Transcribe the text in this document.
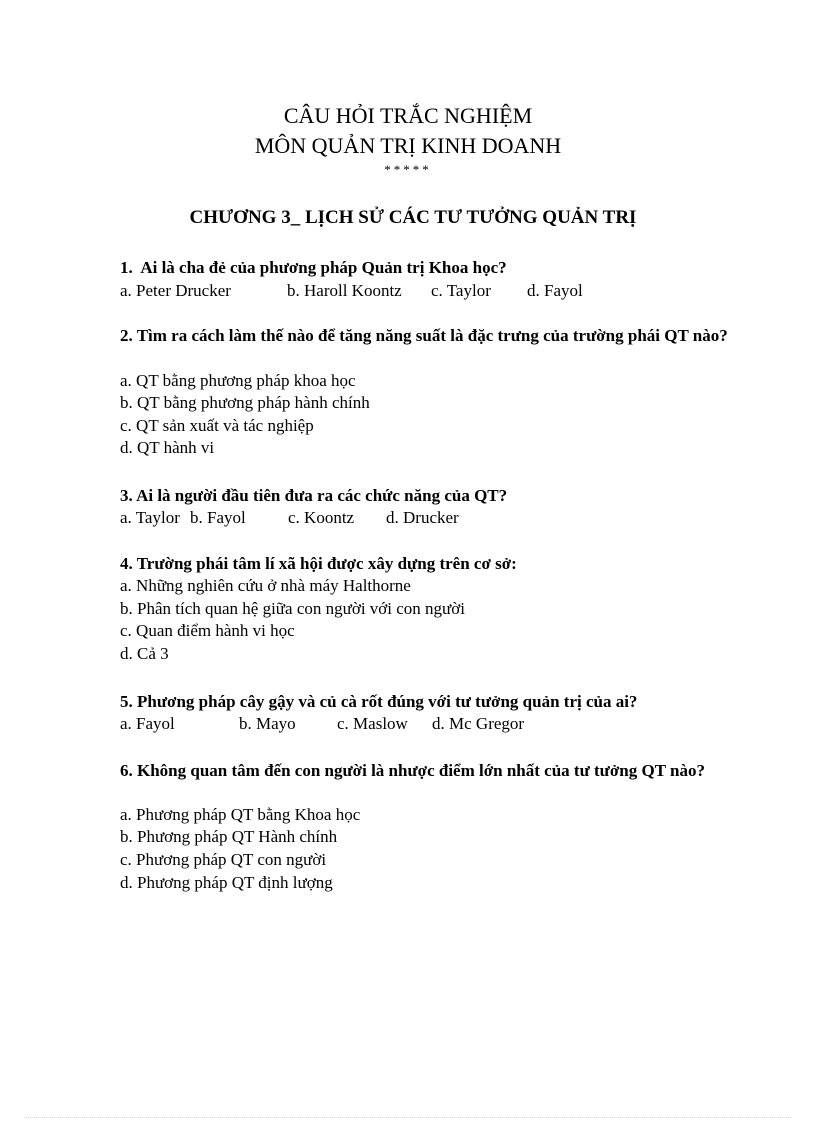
CÂU HỎI TRẮC NGHIỆM
MÔN QUẢN TRỊ KINH DOANH
*****
CHƯƠNG 3_ LỊCH SỬ CÁC TƯ TƯỞNG QUẢN TRỊ
1. Ai là cha đẻ của phương pháp Quản trị Khoa học?
a. Peter Drucker	b. Haroll Koontz c. Taylor d. Fayol
2. Tìm ra cách làm thế nào để tăng năng suất là đặc trưng của trường phái QT nào?
a. QT bằng phương pháp khoa học
b. QT bằng phương pháp hành chính
c. QT sản xuất và tác nghiệp
d. QT hành vi
3. Ai là người đầu tiên đưa ra các chức năng của QT?
a. Taylor b. Fayol c. Koontz d. Drucker
4. Trường phái tâm lí xã hội được xây dựng trên cơ sở:
a. Những nghiên cứu ở nhà máy Halthorne
b. Phân tích quan hệ giữa con người với con người
c. Quan điểm hành vi học
d. Cả 3
5. Phương pháp cây gậy và củ cà rốt đúng với tư tưởng quản trị của ai?
a. Fayol	b. Mayo c. Maslow d. Mc Gregor
6. Không quan tâm đến con người là nhược điểm lớn nhất của tư tưởng QT nào?
a. Phương pháp QT bằng Khoa học
b. Phương pháp QT Hành chính
c. Phương pháp QT con người
d. Phương pháp QT định lượng
